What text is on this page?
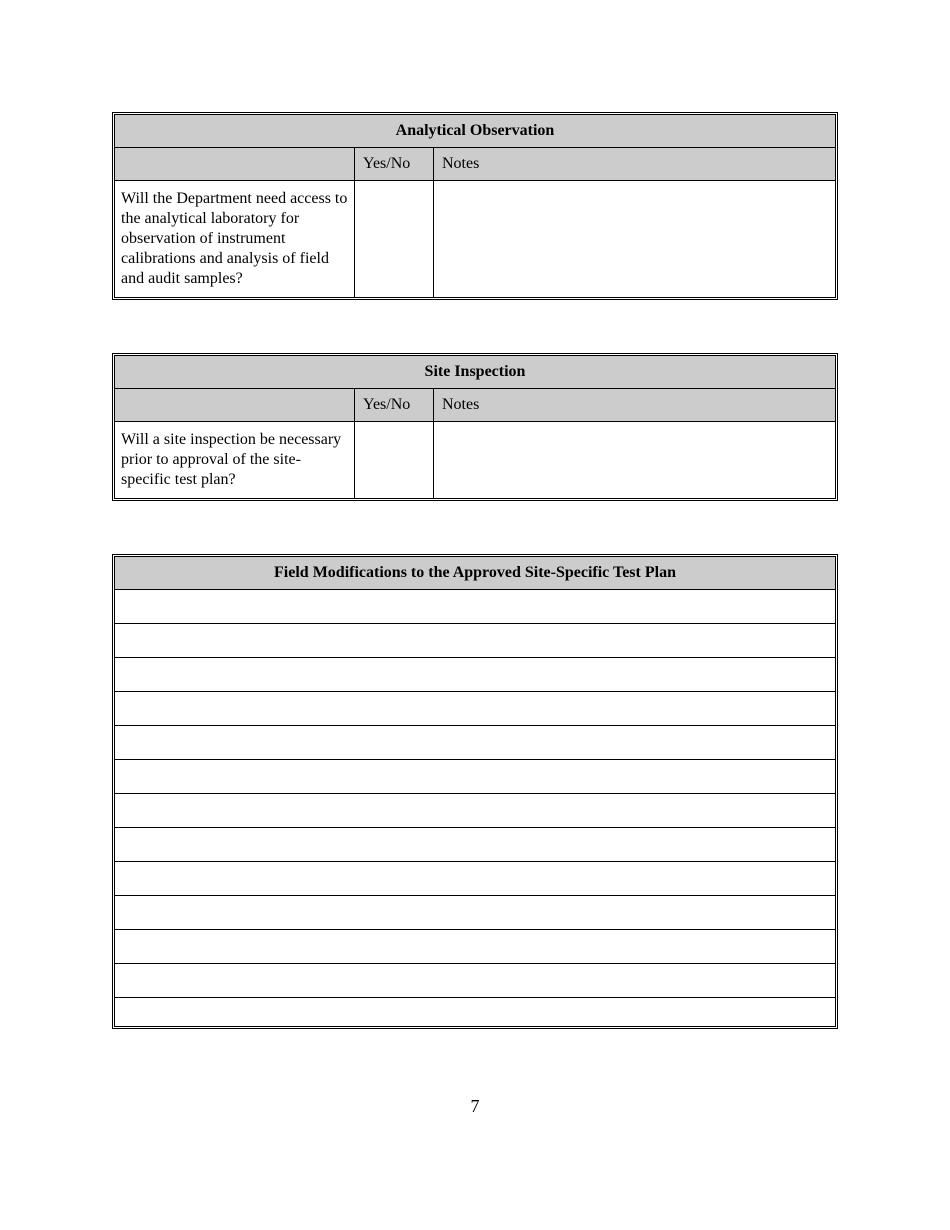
Analytical Observation		
	Yes/No	Notes
Will the Department need access to the analytical laboratory for observation of instrument calibrations and analysis of field and audit samples?		
Site Inspection		
	Yes/No	Notes
Will a site inspection be necessary prior to approval of the site-specific test plan?		
Field Modifications to the Approved Site-Specific Test Plan

7
